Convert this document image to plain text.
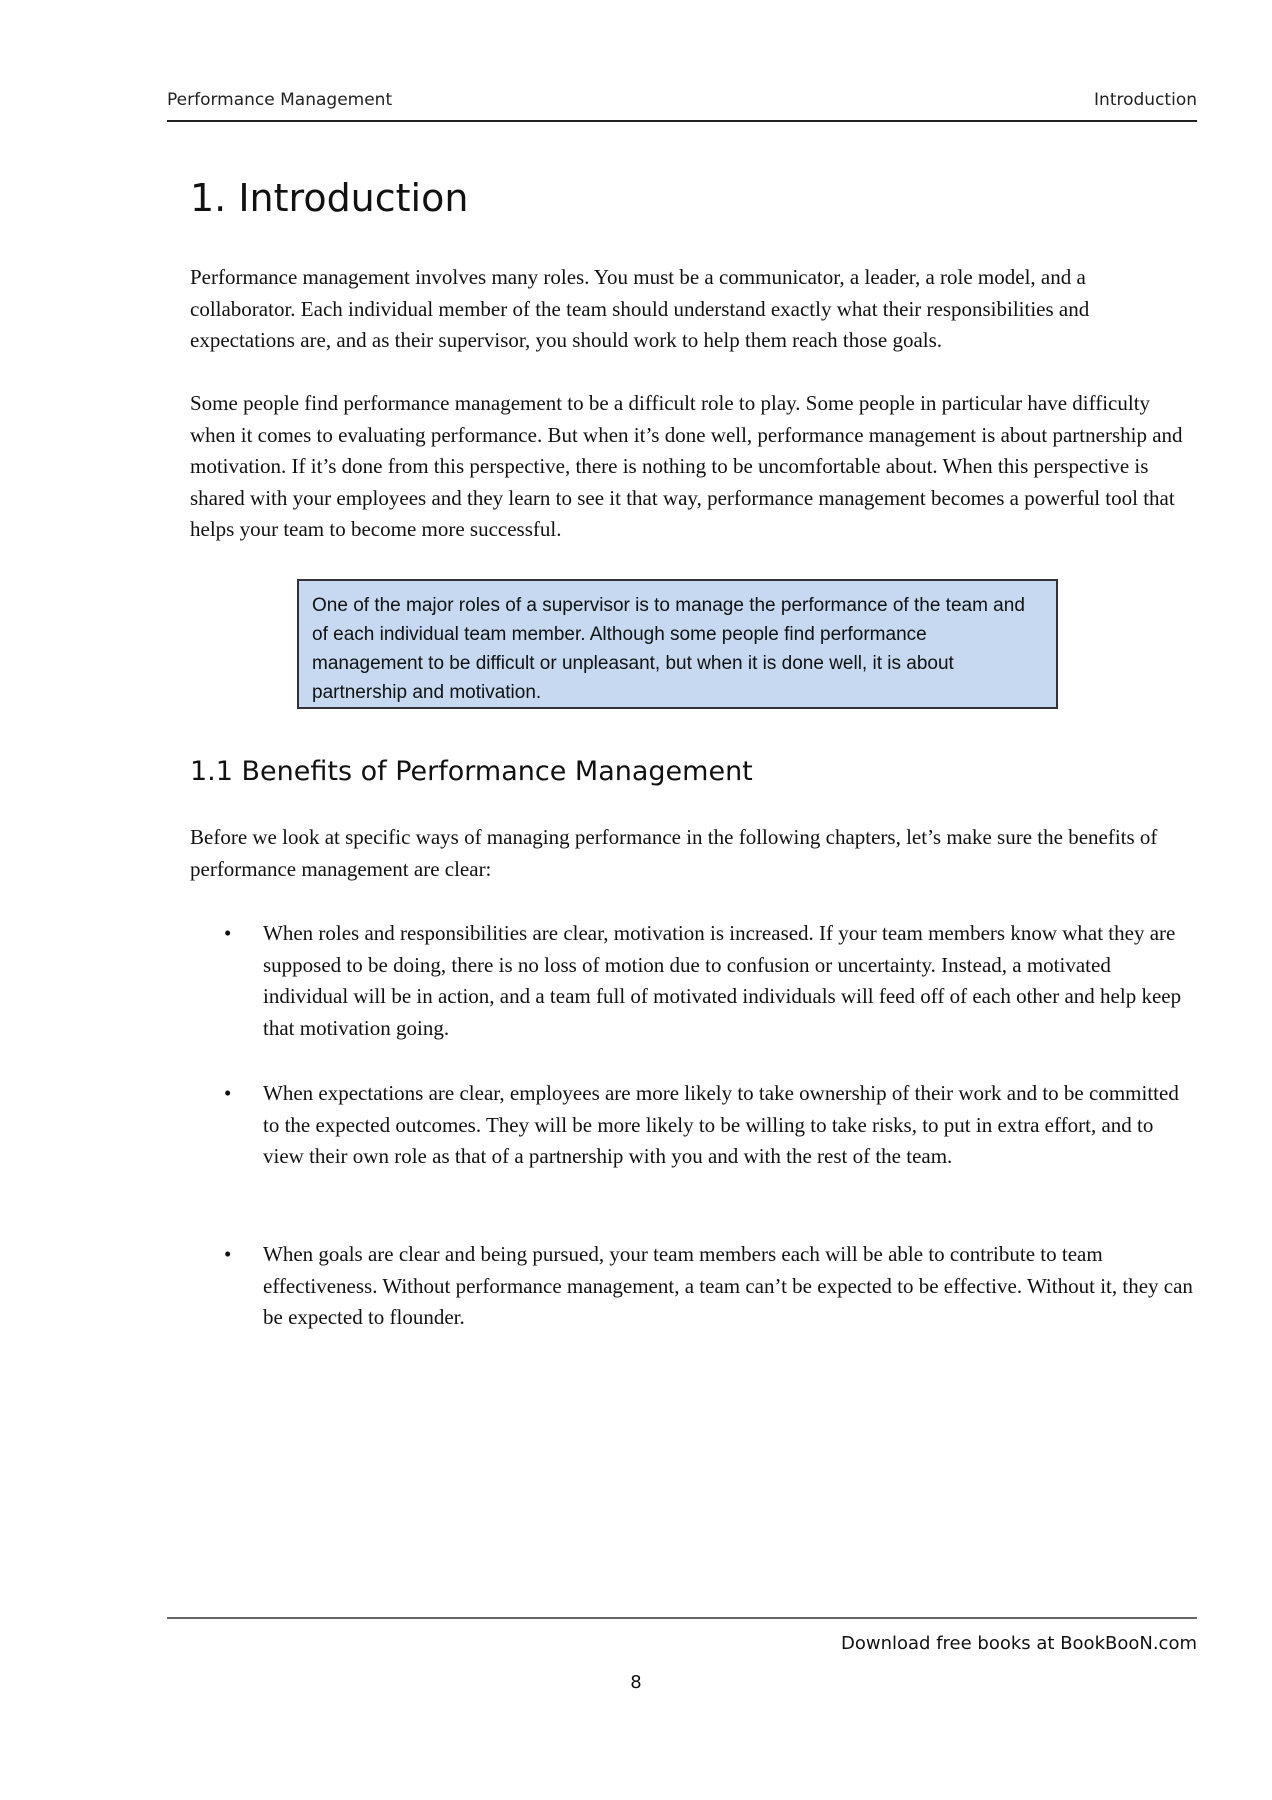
Performance Management	Introduction
1. Introduction

Performance management involves many roles. You must be a communicator, a leader, a role model, and a collaborator. Each individual member of the team should understand exactly what their responsibilities and expectations are, and as their supervisor, you should work to help them reach those goals.

Some people find performance management to be a difficult role to play. Some people in particular have difficulty when it comes to evaluating performance. But when it’s done well, performance management is about partnership and motivation. If it’s done from this perspective, there is nothing to be uncomfortable about. When this perspective is shared with your employees and they learn to see it that way, performance management becomes a powerful tool that helps your team to become more successful.

One of the major roles of a supervisor is to manage the performance of the team and of each individual team member. Although some people find performance management to be difficult or unpleasant, but when it is done well, it is about partnership and motivation.

1.1 Benefits of Performance Management

Before we look at specific ways of managing performance in the following chapters, let’s make sure the benefits of performance management are clear:

• When roles and responsibilities are clear, motivation is increased. If your team members know what they are supposed to be doing, there is no loss of motion due to confusion or uncertainty. Instead, a motivated individual will be in action, and a team full of motivated individuals will feed off of each other and help keep that motivation going.

• When expectations are clear, employees are more likely to take ownership of their work and to be committed to the expected outcomes. They will be more likely to be willing to take risks, to put in extra effort, and to view their own role as that of a partnership with you and with the rest of the team.

• When goals are clear and being pursued, your team members each will be able to contribute to team effectiveness. Without performance management, a team can’t be expected to be effective. Without it, they can be expected to flounder.

Download free books at BookBooN.com
8
